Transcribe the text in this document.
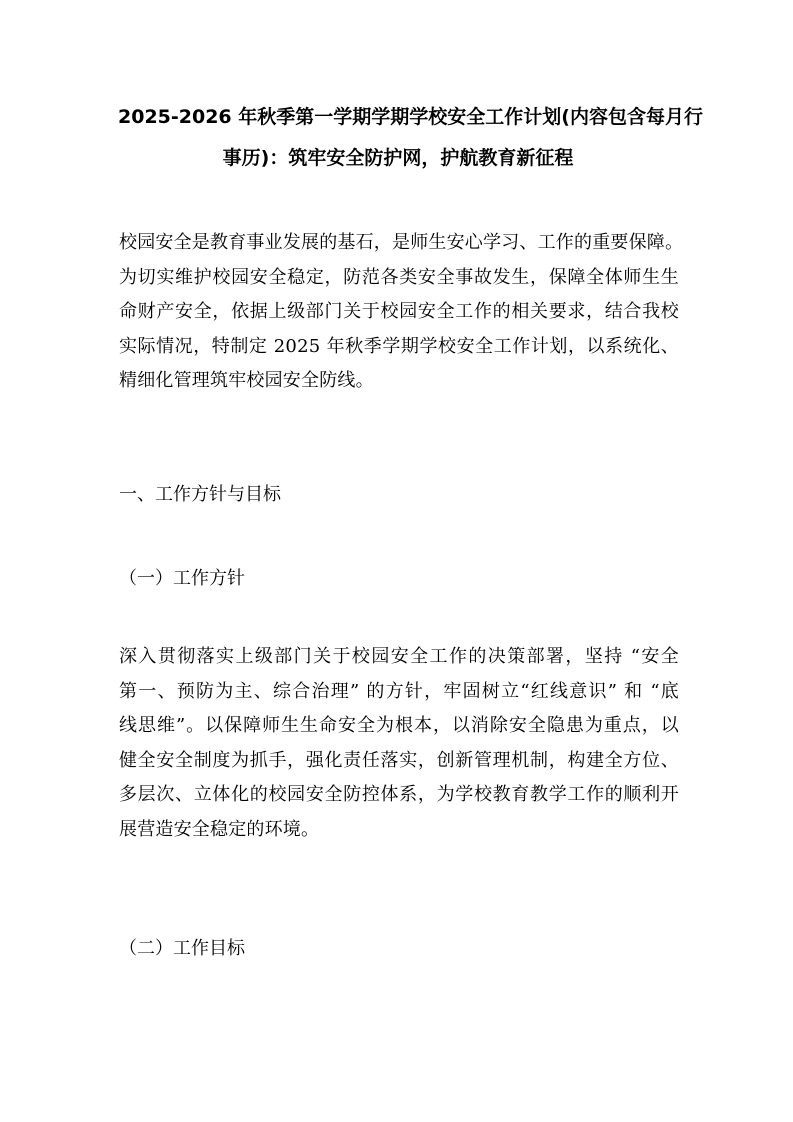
2025-2026 年秋季第一学期学期学校安全工作计划(内容包含每月行
事历)：筑牢安全防护网，护航教育新征程
校园安全是教育事业发展的基石，是师生安心学习、工作的重要保障。
为切实维护校园安全稳定，防范各类安全事故发生，保障全体师生生
命财产安全，依据上级部门关于校园安全工作的相关要求，结合我校
实际情况，特制定 2025 年秋季学期学校安全工作计划，以系统化、
精细化管理筑牢校园安全防线。
一、工作方针与目标
（一）工作方针
深入贯彻落实上级部门关于校园安全工作的决策部署，坚持 “安全
第一、预防为主、综合治理” 的方针，牢固树立“红线意识” 和 “底
线思维”。以保障师生生命安全为根本，以消除安全隐患为重点，以
健全安全制度为抓手，强化责任落实，创新管理机制，构建全方位、
多层次、立体化的校园安全防控体系，为学校教育教学工作的顺利开
展营造安全稳定的环境。
（二）工作目标
